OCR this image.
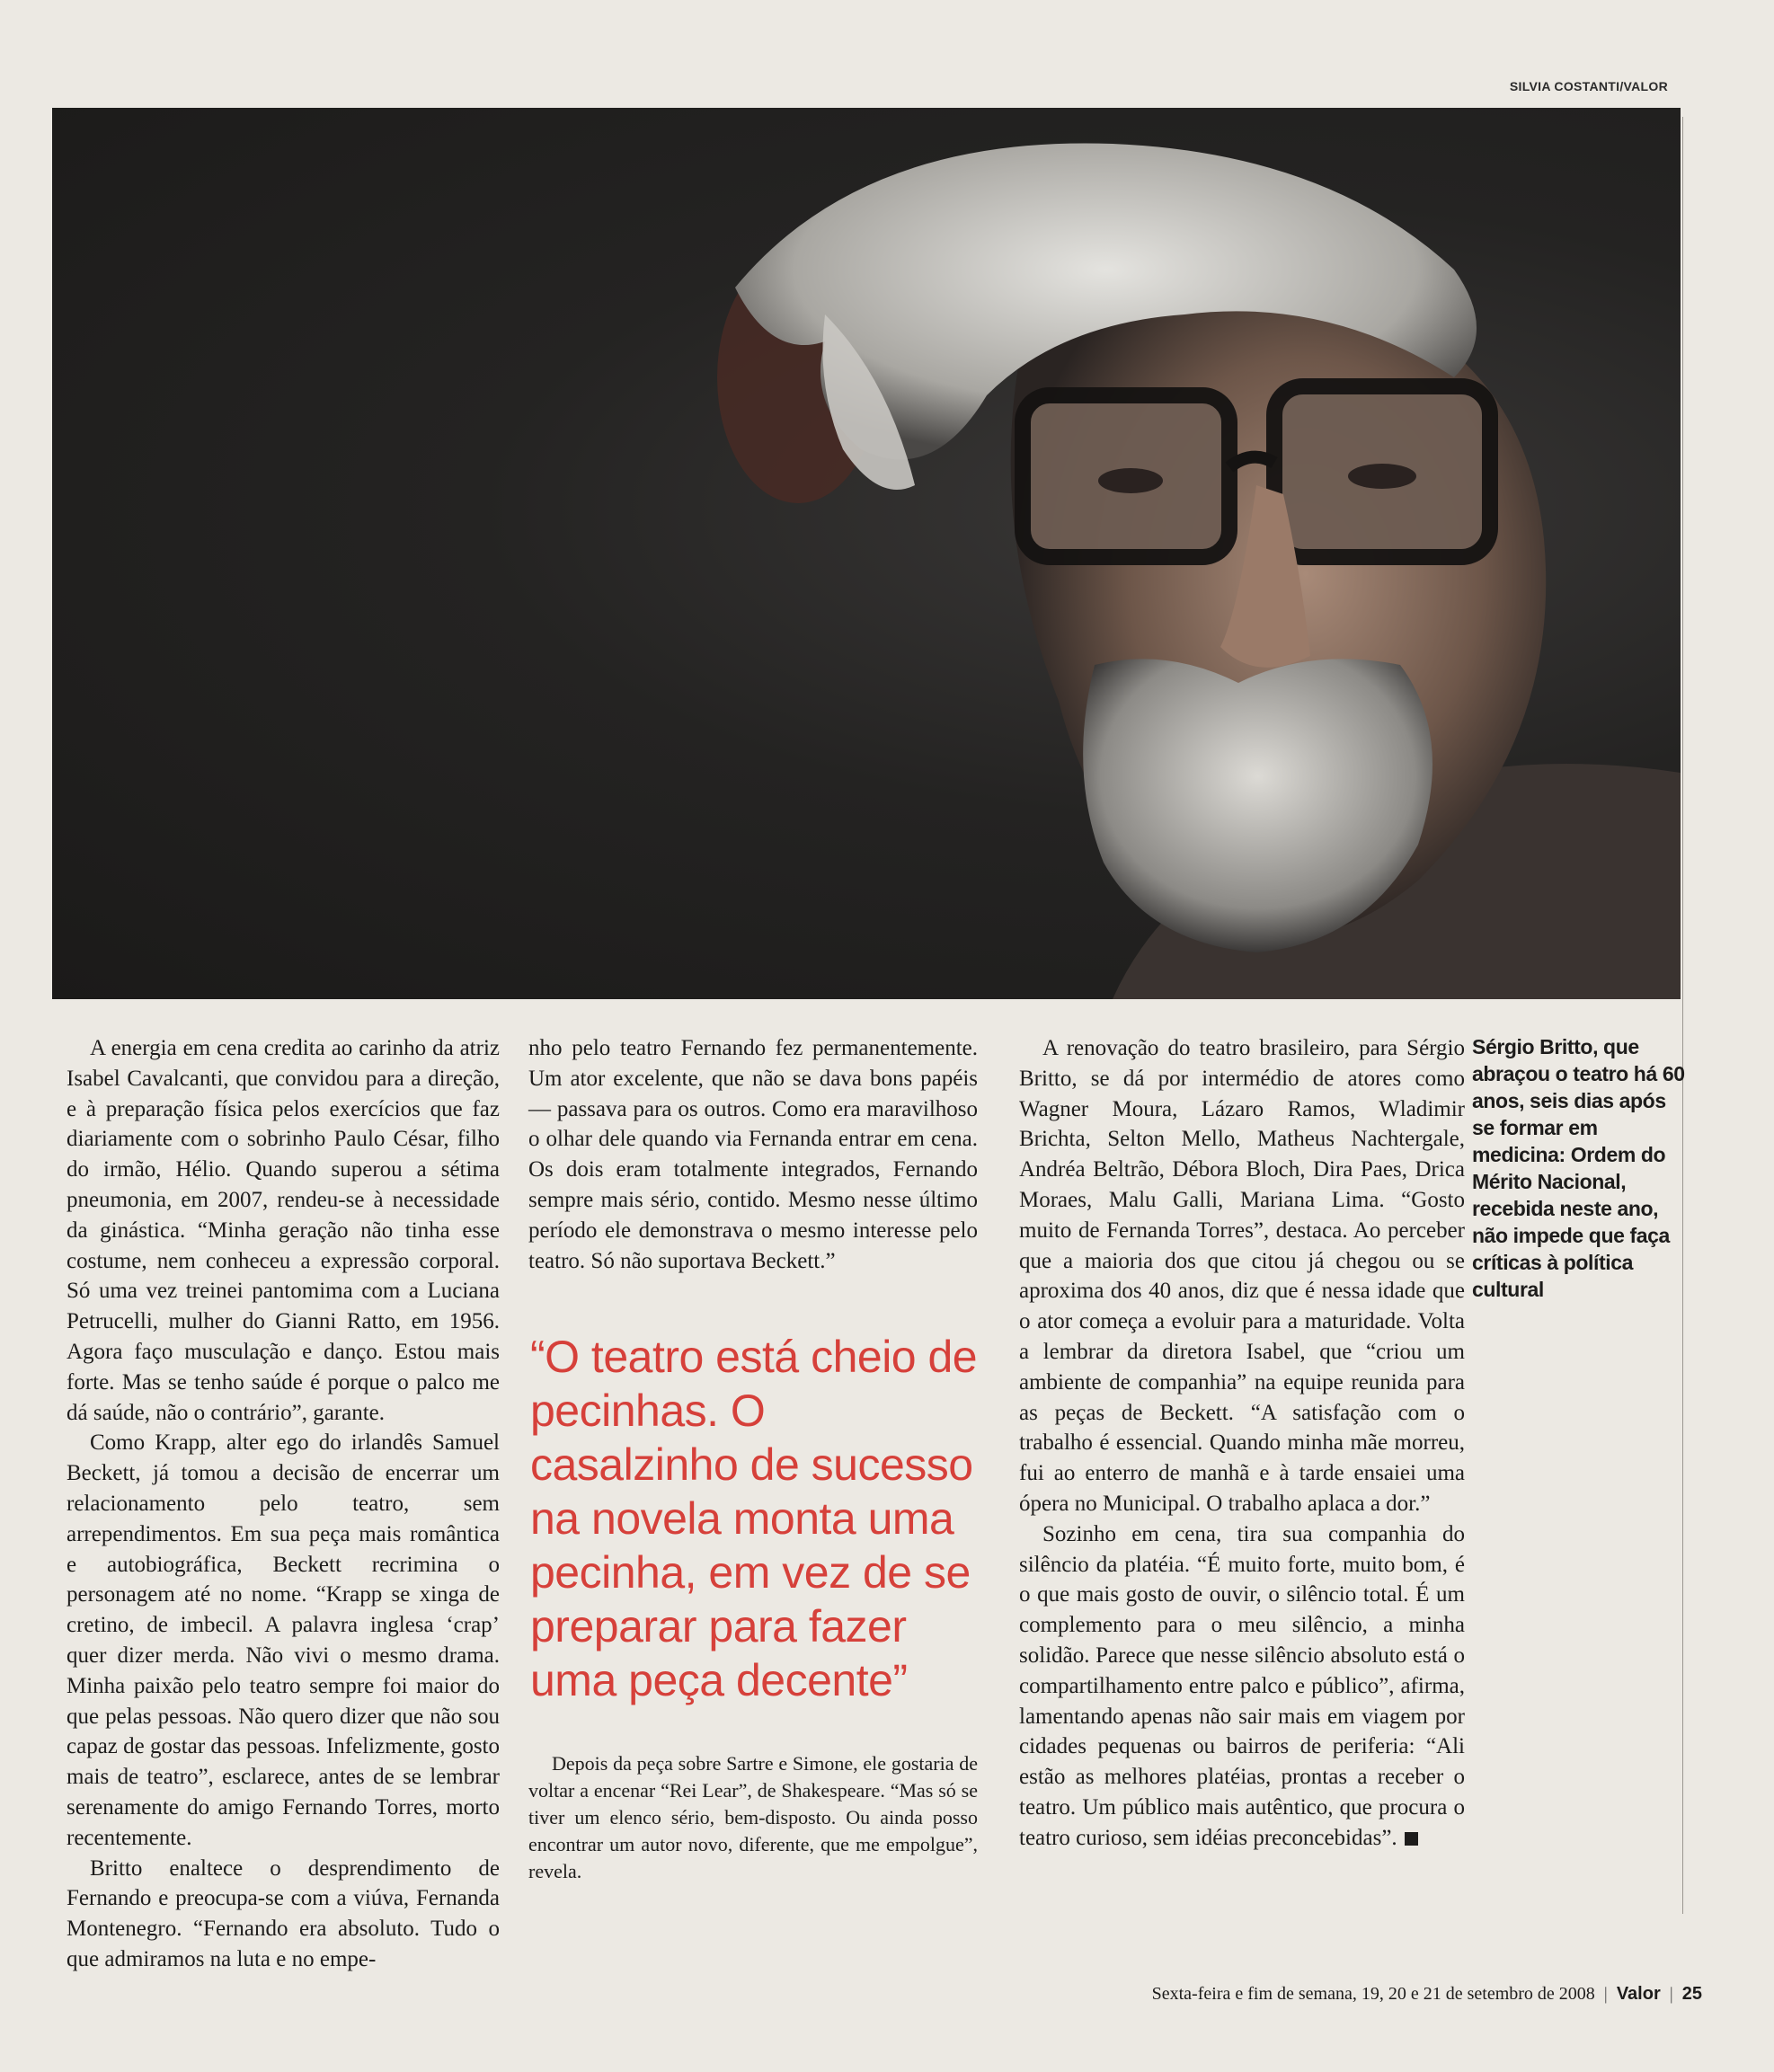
SILVIA COSTANTI/VALOR

A energia em cena credita ao carinho da atriz Isabel Cavalcanti, que convidou para a direção, e à preparação física pelos exercícios que faz diariamente com o sobrinho Paulo César, filho do irmão, Hélio. Quando superou a sétima pneumonia, em 2007, rendeu-se à necessidade da ginástica. “Minha geração não tinha esse costume, nem conheceu a expressão corporal. Só uma vez treinei pantomima com a Luciana Petrucelli, mulher do Gianni Ratto, em 1956. Agora faço musculação e danço. Estou mais forte. Mas se tenho saúde é porque o palco me dá saúde, não o contrário”, garante.

Como Krapp, alter ego do irlandês Samuel Beckett, já tomou a decisão de encerrar um relacionamento pelo teatro, sem arrependimentos. Em sua peça mais romântica e autobiográfica, Beckett recrimina o personagem até no nome. “Krapp se xinga de cretino, de imbecil. A palavra inglesa ‘crap’ quer dizer merda. Não vivi o mesmo drama. Minha paixão pelo teatro sempre foi maior do que pelas pessoas. Não quero dizer que não sou capaz de gostar das pessoas. Infelizmente, gosto mais de teatro”, esclarece, antes de se lembrar serenamente do amigo Fernando Torres, morto recentemente.

Britto enaltece o desprendimento de Fernando e preocupa-se com a viúva, Fernanda Montenegro. “Fernando era absoluto. Tudo o que admiramos na luta e no empe-

nho pelo teatro Fernando fez permanentemente. Um ator excelente, que não se dava bons papéis — passava para os outros. Como era maravilhoso o olhar dele quando via Fernanda entrar em cena. Os dois eram totalmente integrados, Fernando sempre mais sério, contido. Mesmo nesse último período ele demonstrava o mesmo interesse pelo teatro. Só não suportava Beckett.”

“O teatro está cheio de pecinhas. O casalzinho de sucesso na novela monta uma pecinha, em vez de se preparar para fazer uma peça decente”

Depois da peça sobre Sartre e Simone, ele gostaria de voltar a encenar “Rei Lear”, de Shakespeare. “Mas só se tiver um elenco sério, bem-disposto. Ou ainda posso encontrar um autor novo, diferente, que me empolgue”, revela.

A renovação do teatro brasileiro, para Sérgio Britto, se dá por intermédio de atores como Wagner Moura, Lázaro Ramos, Wladimir Brichta, Selton Mello, Matheus Nachtergale, Andréa Beltrão, Débora Bloch, Dira Paes, Drica Moraes, Malu Galli, Mariana Lima. “Gosto muito de Fernanda Torres”, destaca. Ao perceber que a maioria dos que citou já chegou ou se aproxima dos 40 anos, diz que é nessa idade que o ator começa a evoluir para a maturidade. Volta a lembrar da diretora Isabel, que “criou um ambiente de companhia” na equipe reunida para as peças de Beckett. “A satisfação com o trabalho é essencial. Quando minha mãe morreu, fui ao enterro de manhã e à tarde ensaiei uma ópera no Municipal. O trabalho aplaca a dor.”

Sozinho em cena, tira sua companhia do silêncio da platéia. “É muito forte, muito bom, é o que mais gosto de ouvir, o silêncio total. É um complemento para o meu silêncio, a minha solidão. Parece que nesse silêncio absoluto está o compartilhamento entre palco e público”, afirma, lamentando apenas não sair mais em viagem por cidades pequenas ou bairros de periferia: “Ali estão as melhores platéias, prontas a receber o teatro. Um público mais autêntico, que procura o teatro curioso, sem idéias preconcebidas”.

Sérgio Britto, que abraçou o teatro há 60 anos, seis dias após se formar em medicina: Ordem do Mérito Nacional, recebida neste ano, não impede que faça críticas à política cultural
Sexta-feira e fim de semana, 19, 20 e 21 de setembro de 2008 | Valor | 25
